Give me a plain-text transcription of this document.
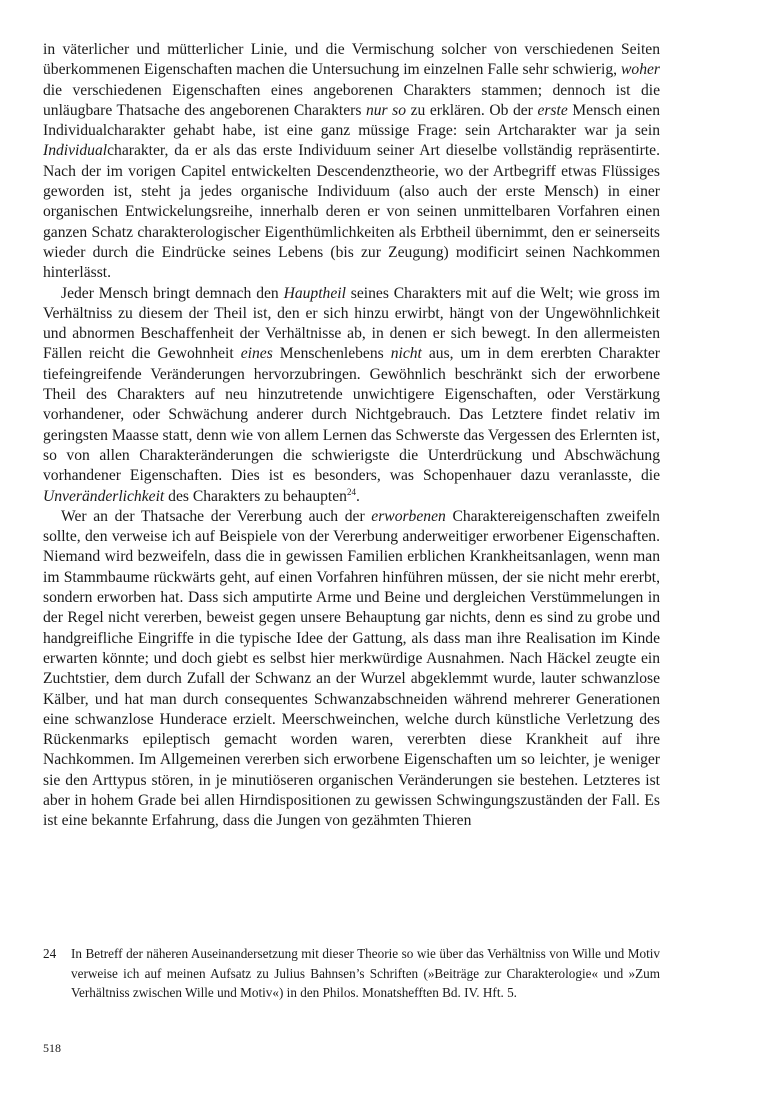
in väterlicher und mütterlicher Linie, und die Vermischung solcher von verschiedenen Seiten überkommenen Eigenschaften machen die Untersuchung im einzelnen Falle sehr schwierig, woher die verschiedenen Eigenschaften eines angeborenen Charakters stammen; dennoch ist die unläugbare Thatsache des angeborenen Charakters nur so zu erklären. Ob der erste Mensch einen Individualcharakter gehabt habe, ist eine ganz müssige Frage: sein Artcharakter war ja sein Individualcharakter, da er als das erste Individuum seiner Art dieselbe vollständig repräsentirte. Nach der im vorigen Capitel entwickelten Descendenztheorie, wo der Artbegriff etwas Flüssiges geworden ist, steht ja jedes organische Individuum (also auch der erste Mensch) in einer organischen Entwickelungsreihe, innerhalb deren er von seinen unmittelbaren Vorfahren einen ganzen Schatz charakterologischer Eigenthümlichkeiten als Erbtheil übernimmt, den er seinerseits wieder durch die Eindrücke seines Lebens (bis zur Zeugung) modificirt seinen Nachkommen hinterlässt.

Jeder Mensch bringt demnach den Hauptheil seines Charakters mit auf die Welt; wie gross im Verhältniss zu diesem der Theil ist, den er sich hinzu erwirbt, hängt von der Ungewöhnlichkeit und abnormen Beschaffenheit der Verhältnisse ab, in denen er sich bewegt. In den allermeisten Fällen reicht die Gewohnheit eines Menschenlebens nicht aus, um in dem ererbten Charakter tiefeingreifende Veränderungen hervorzubringen. Gewöhnlich beschränkt sich der erworbene Theil des Charakters auf neu hinzutretende unwichtigere Eigenschaften, oder Verstärkung vorhandener, oder Schwächung anderer durch Nichtgebrauch. Das Letztere findet relativ im geringsten Maasse statt, denn wie von allem Lernen das Schwerste das Vergessen des Erlernten ist, so von allen Charakteränderungen die schwierigste die Unterdrückung und Abschwächung vorhandener Eigenschaften. Dies ist es besonders, was Schopenhauer dazu veranlasste, die Unveränderlichkeit des Charakters zu behaupten$^{24}$.

Wer an der Thatsache der Vererbung auch der erworbenen Charaktereigenschaften zweifeln sollte, den verweise ich auf Beispiele von der Vererbung anderweitiger erworbener Eigenschaften. Niemand wird bezweifeln, dass die in gewissen Familien erblichen Krankheitsanlagen, wenn man im Stammbaume rückwärts geht, auf einen Vorfahren hinführen müssen, der sie nicht mehr ererbt, sondern erworben hat. Dass sich amputirte Arme und Beine und dergleichen Verstümmelungen in der Regel nicht vererben, beweist gegen unsere Behauptung gar nichts, denn es sind zu grobe und handgreifliche Eingriffe in die typische Idee der Gattung, als dass man ihre Realisation im Kinde erwarten könnte; und doch giebt es selbst hier merkwürdige Ausnahmen. Nach Häckel zeugte ein Zuchtstier, dem durch Zufall der Schwanz an der Wurzel abgeklemmt wurde, lauter schwanzlose Kälber, und hat man durch consequentes Schwanzabschneiden während mehrerer Generationen eine schwanzlose Hunderace erzielt. Meerschweinchen, welche durch künstliche Verletzung des Rückenmarks epileptisch gemacht worden waren, vererbten diese Krankheit auf ihre Nachkommen. Im Allgemeinen vererben sich erworbene Eigenschaften um so leichter, je weniger sie den Arttypus stören, in je minutiöseren organischen Veränderungen sie bestehen. Letzteres ist aber in hohem Grade bei allen Hirndispositionen zu gewissen Schwingungszuständen der Fall. Es ist eine bekannte Erfahrung, dass die Jungen von gezähmten Thieren

24	In Betreff der näheren Auseinandersetzung mit dieser Theorie so wie über das Verhältniss von Wille und Motiv verweise ich auf meinen Aufsatz zu Julius Bahnsen’s Schriften (»Beiträge zur Charakterologie« und »Zum Verhältniss zwischen Wille und Motiv«) in den Philos. Monatshefften Bd. IV. Hft. 5.
518
